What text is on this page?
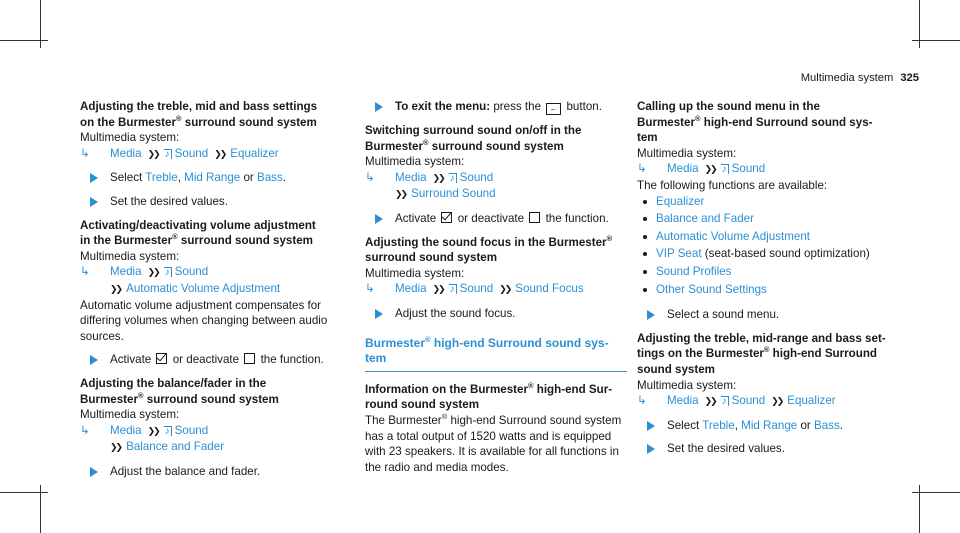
Multimedia system 325

Adjusting the treble, mid and bass settings
on the Burmester® surround sound system

Multimedia system:

↳ Media ❯❯ ♪ Sound ❯❯ Equalizer

Select Treble, Mid Range or Bass.

Set the desired values.

Activating/deactivating volume adjustment
in the Burmester® surround sound system

Multimedia system:

↳ Media ❯❯ ♪ Sound

❯❯ Automatic Volume Adjustment

Automatic volume adjustment compensates for differing volumes when changing between audio sources.

Activate or deactivate the function.

Adjusting the balance/fader in the
Burmester® surround sound system

Multimedia system:

↳ Media ❯❯ ♪ Sound

❯❯ Balance and Fader

Adjust the balance and fader.

To exit the menu: press the ← button.

Switching surround sound on/off in the
Burmester® surround sound system

Multimedia system:

↳ Media ❯❯ ♪ Sound

❯❯ Surround Sound

Activate or deactivate the function.

Adjusting the sound focus in the Burmester®
surround sound system

Multimedia system:

↳ Media ❯❯ ♪ Sound ❯❯ Sound Focus

Adjust the sound focus.

Burmester® high-end Surround sound sys-
tem

Information on the Burmester® high-end Sur-
round sound system

The Burmester® high-end Surround sound system has a total output of 1520 watts and is equipped with 23 speakers. It is available for all functions in the radio and media modes.

Calling up the sound menu in the
Burmester® high-end Surround sound sys-
tem

Multimedia system:

↳ Media ❯❯ ♪ Sound

The following functions are available:

Equalizer
Balance and Fader
Automatic Volume Adjustment
VIP Seat (seat-based sound optimization)
Sound Profiles
Other Sound Settings

Select a sound menu.

Adjusting the treble, mid-range and bass set-
tings on the Burmester® high-end Surround
sound system

Multimedia system:

↳ Media ❯❯ ♪ Sound ❯❯ Equalizer

Select Treble, Mid Range or Bass.

Set the desired values.
